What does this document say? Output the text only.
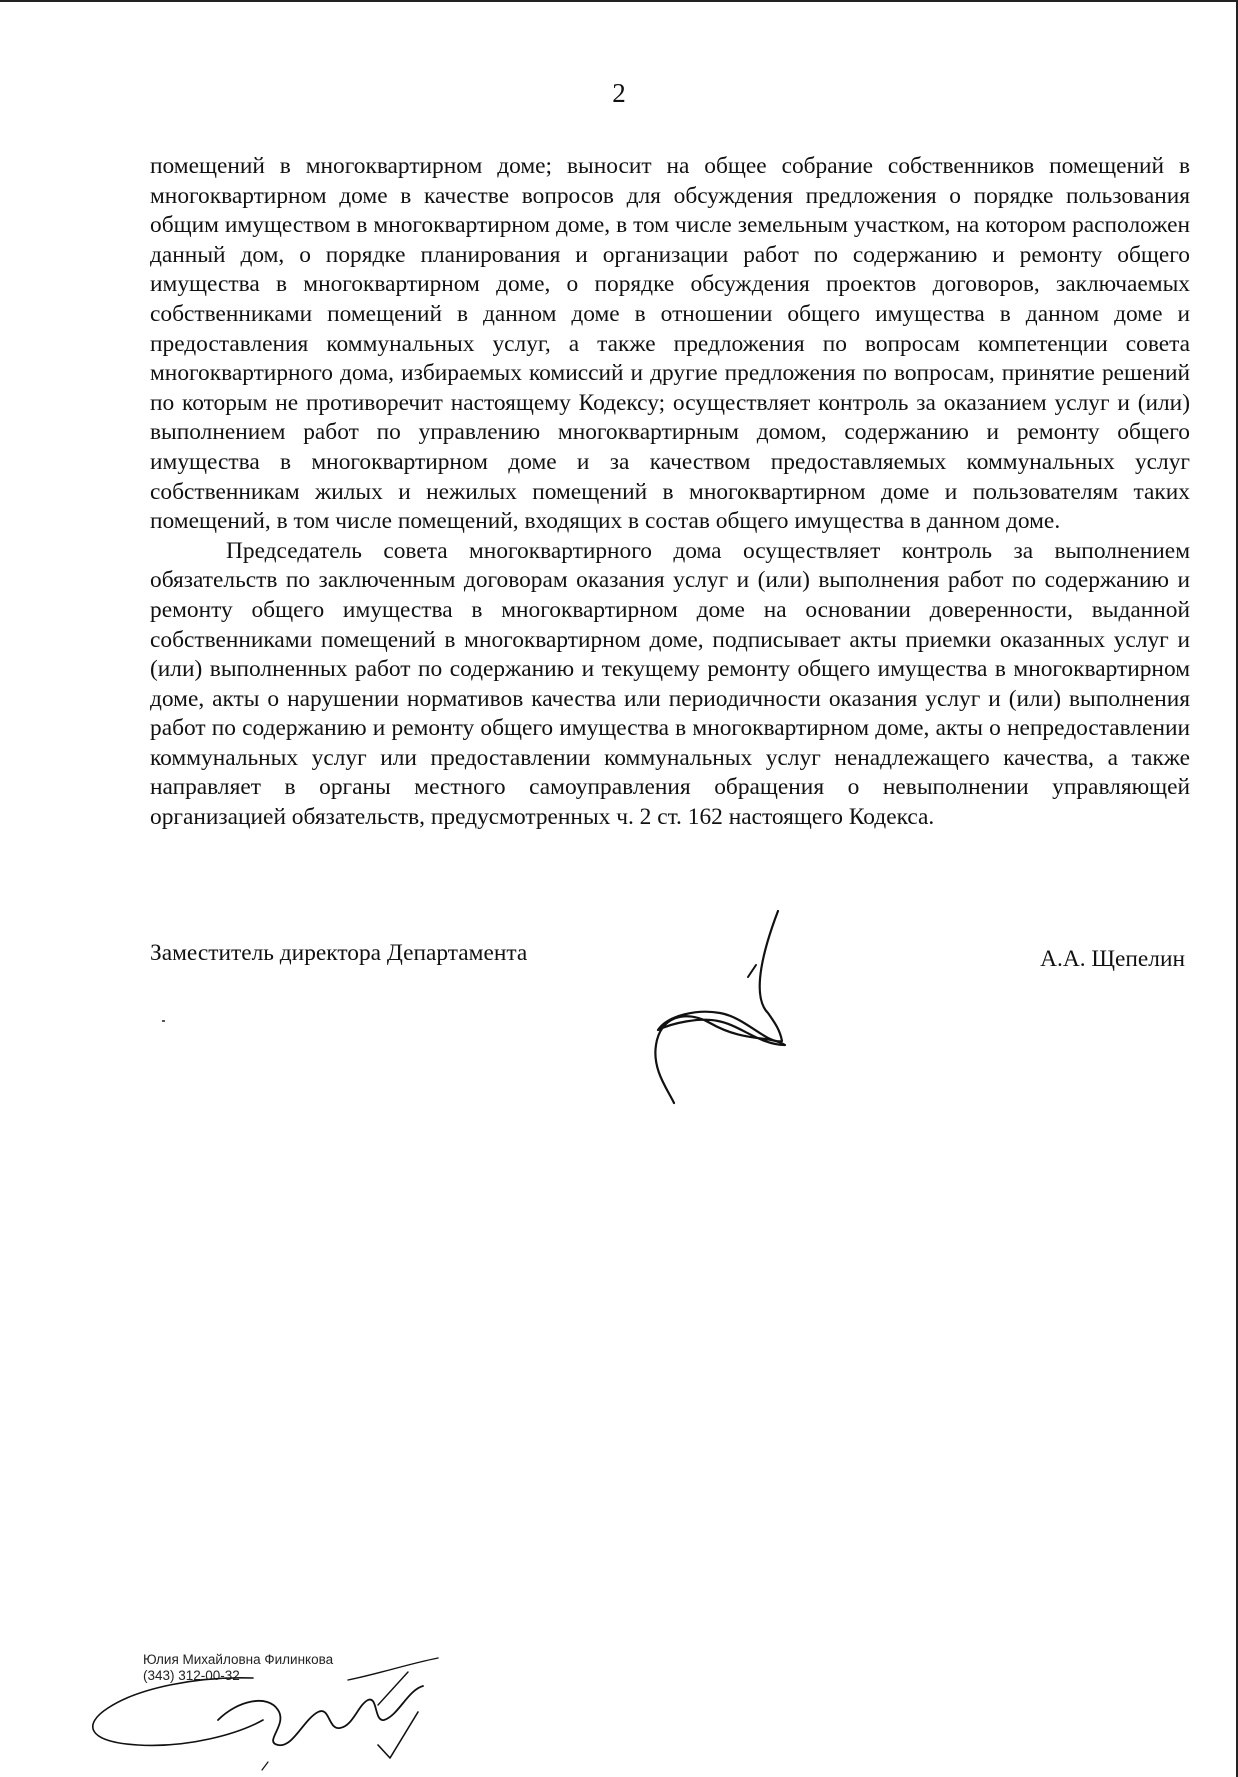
2

помещений в многоквартирном доме; выносит на общее собрание собственников помещений в многоквартирном доме в качестве вопросов для обсуждения предложения о порядке пользования общим имуществом в многоквартирном доме, в том числе земельным участком, на котором расположен данный дом, о порядке планирования и организации работ по содержанию и ремонту общего имущества в многоквартирном доме, о порядке обсуждения проектов договоров, заключаемых собственниками помещений в данном доме в отношении общего имущества в данном доме и предоставления коммунальных услуг, а также предложения по вопросам компетенции совета многоквартирного дома, избираемых комиссий и другие предложения по вопросам, принятие решений по которым не противоречит настоящему Кодексу; осуществляет контроль за оказанием услуг и (или) выполнением работ по управлению многоквартирным домом, содержанию и ремонту общего имущества в многоквартирном доме и за качеством предоставляемых коммунальных услуг собственникам жилых и нежилых помещений в многоквартирном доме и пользователям таких помещений, в том числе помещений, входящих в состав общего имущества в данном доме.

Председатель совета многоквартирного дома осуществляет контроль за выполнением обязательств по заключенным договорам оказания услуг и (или) выполнения работ по содержанию и ремонту общего имущества в многоквартирном доме на основании доверенности, выданной собственниками помещений в многоквартирном доме, подписывает акты приемки оказанных услуг и (или) выполненных работ по содержанию и текущему ремонту общего имущества в многоквартирном доме, акты о нарушении нормативов качества или периодичности оказания услуг и (или) выполнения работ по содержанию и ремонту общего имущества в многоквартирном доме, акты о непредоставлении коммунальных услуг или предоставлении коммунальных услуг ненадлежащего качества, а также направляет в органы местного самоуправления обращения о невыполнении управляющей организацией обязательств, предусмотренных ч. 2 ст. 162 настоящего Кодекса.

Заместитель директора Департамента	А.А. Щепелин
Юлия Михайловна Филинкова
(343) 312-00-32
